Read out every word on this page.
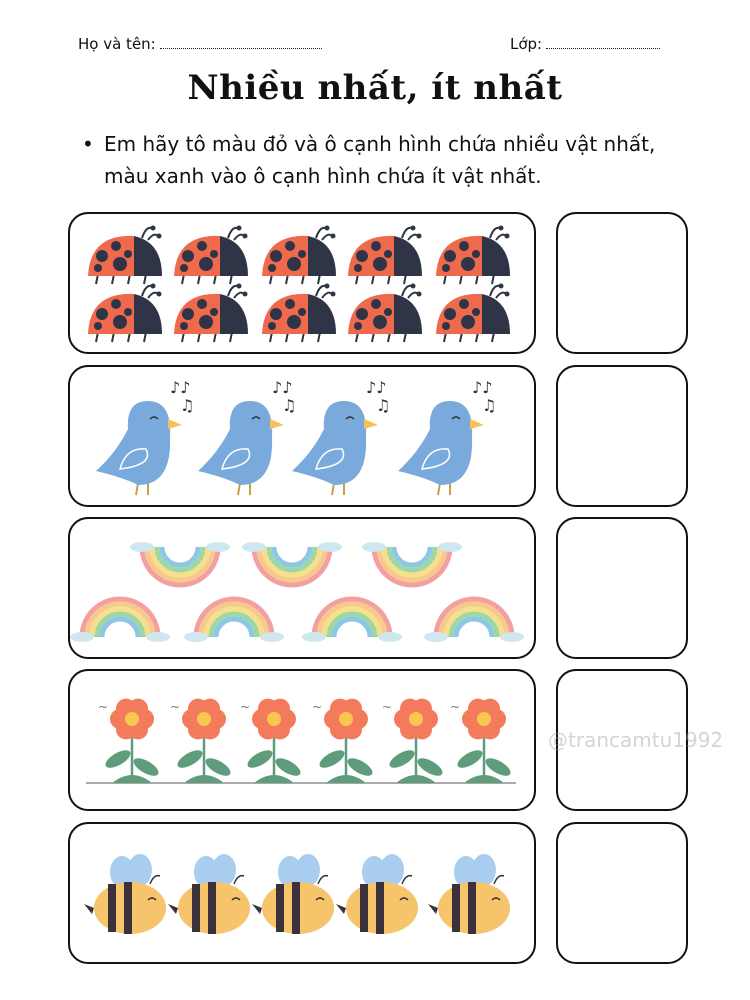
Họ và tên:	Lớp:
Nhiều nhất, ít nhất
• Em hãy tô màu đỏ và ô cạnh hình chứa nhiều vật nhất, màu xanh vào ô cạnh hình chứa ít vật nhất.
♪♪
♫
♪♪
♫
♪♪
♫
♪♪
♫
~	~	~	~	~	~
@trancamtu1992
